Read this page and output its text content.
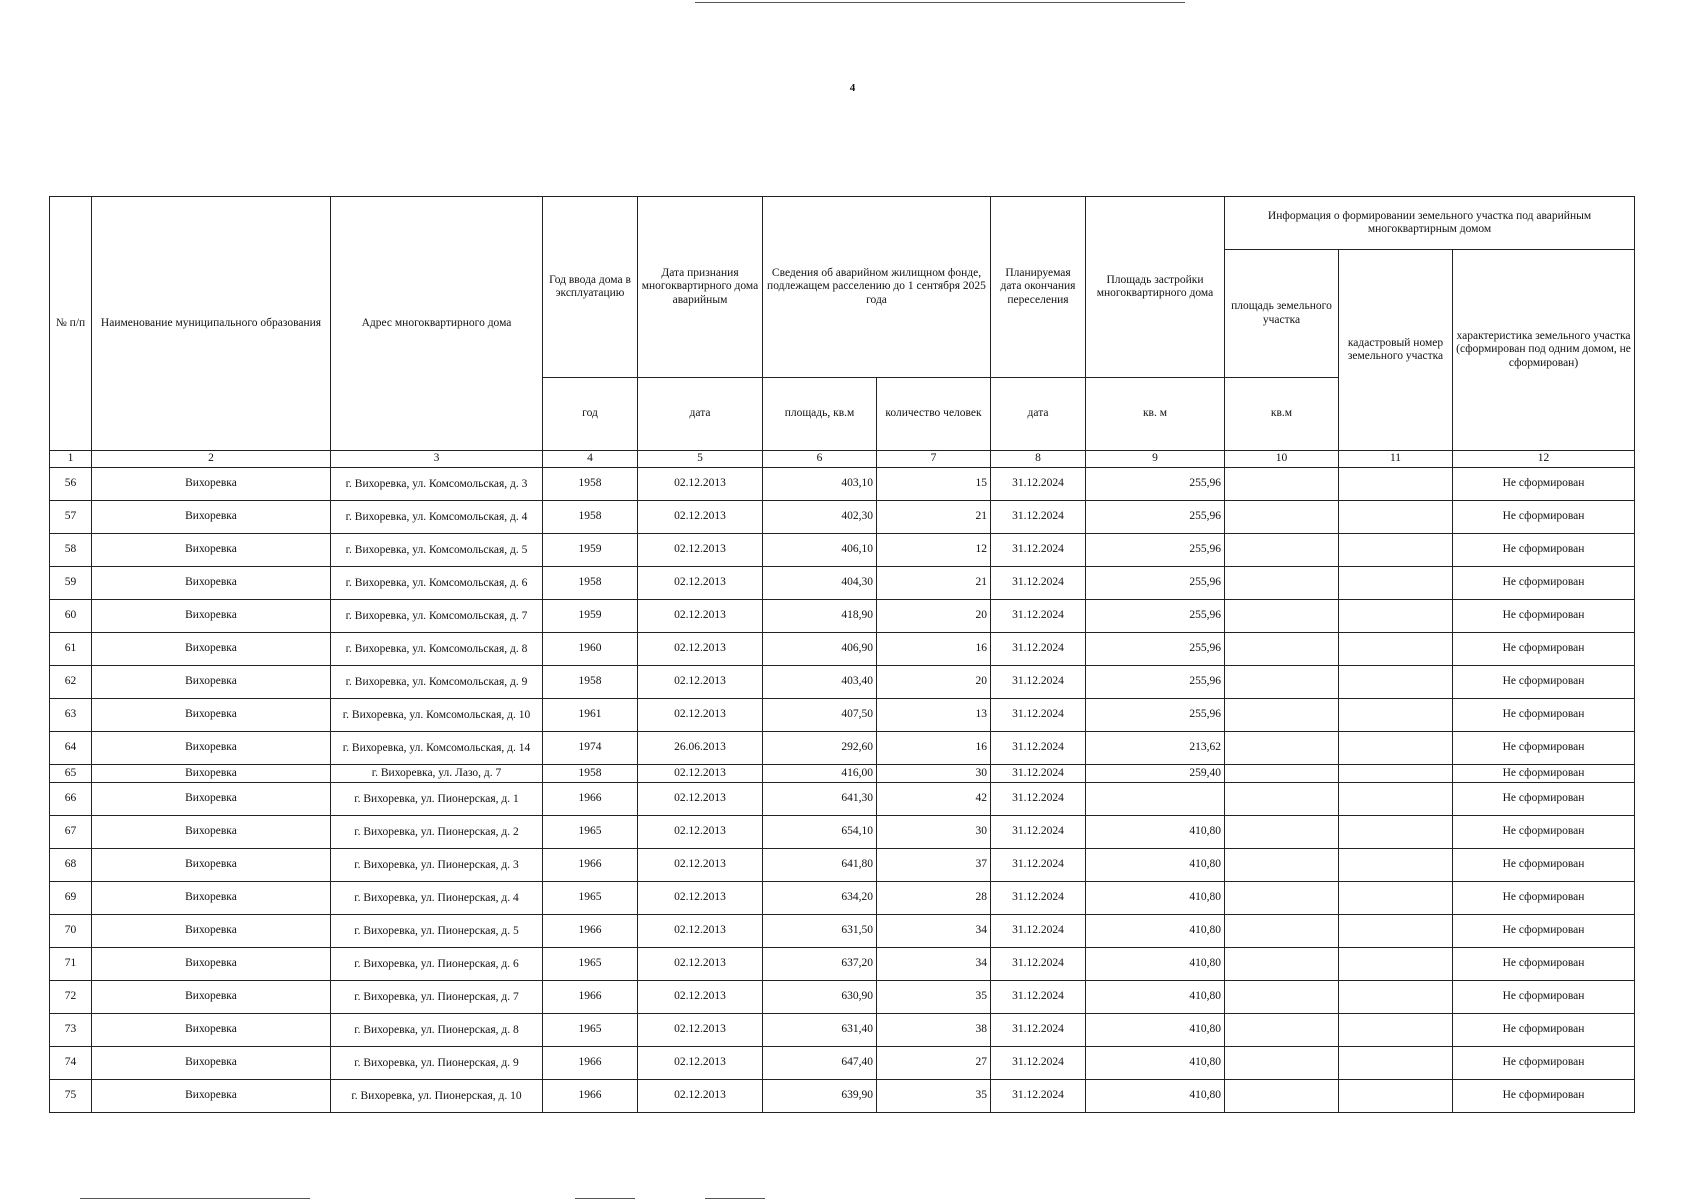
4
№ п/п	Наименование муниципального образования	Адрес многоквартирного дома	Год ввода дома в эксплуатацию	Дата признания многоквартирного дома аварийным	Сведения об аварийном жилищном фонде, подлежащем расселению до 1 сентября 2025 года		Планируемая дата окончания переселения	Площадь застройки многоквартирного дома	Информация о формировании земельного участка под аварийным многоквартирным домом		
									площадь земельного участка	кадастровый номер земельного участка	характеристика земельного участка (сформирован под одним домом, не сформирован)
			год	дата	площадь, кв.м	количество человек	дата	кв. м	кв.м		
1	2	3	4	5	6	7	8	9	10	11	12
56	Вихоревка	г. Вихоревка, ул. Комсомольская, д. 3	1958	02.12.2013	403,10	15	31.12.2024	255,96			Не сформирован
57	Вихоревка	г. Вихоревка, ул. Комсомольская, д. 4	1958	02.12.2013	402,30	21	31.12.2024	255,96			Не сформирован
58	Вихоревка	г. Вихоревка, ул. Комсомольская, д. 5	1959	02.12.2013	406,10	12	31.12.2024	255,96			Не сформирован
59	Вихоревка	г. Вихоревка, ул. Комсомольская, д. 6	1958	02.12.2013	404,30	21	31.12.2024	255,96			Не сформирован
60	Вихоревка	г. Вихоревка, ул. Комсомольская, д. 7	1959	02.12.2013	418,90	20	31.12.2024	255,96			Не сформирован
61	Вихоревка	г. Вихоревка, ул. Комсомольская, д. 8	1960	02.12.2013	406,90	16	31.12.2024	255,96			Не сформирован
62	Вихоревка	г. Вихоревка, ул. Комсомольская, д. 9	1958	02.12.2013	403,40	20	31.12.2024	255,96			Не сформирован
63	Вихоревка	г. Вихоревка, ул. Комсомольская, д. 10	1961	02.12.2013	407,50	13	31.12.2024	255,96			Не сформирован
64	Вихоревка	г. Вихоревка, ул. Комсомольская, д. 14	1974	26.06.2013	292,60	16	31.12.2024	213,62			Не сформирован
65	Вихоревка	г. Вихоревка, ул. Лазо, д. 7	1958	02.12.2013	416,00	30	31.12.2024	259,40			Не сформирован
66	Вихоревка	г. Вихоревка, ул. Пионерская, д. 1	1966	02.12.2013	641,30	42	31.12.2024				Не сформирован
67	Вихоревка	г. Вихоревка, ул. Пионерская, д. 2	1965	02.12.2013	654,10	30	31.12.2024	410,80			Не сформирован
68	Вихоревка	г. Вихоревка, ул. Пионерская, д. 3	1966	02.12.2013	641,80	37	31.12.2024	410,80			Не сформирован
69	Вихоревка	г. Вихоревка, ул. Пионерская, д. 4	1965	02.12.2013	634,20	28	31.12.2024	410,80			Не сформирован
70	Вихоревка	г. Вихоревка, ул. Пионерская, д. 5	1966	02.12.2013	631,50	34	31.12.2024	410,80			Не сформирован
71	Вихоревка	г. Вихоревка, ул. Пионерская, д. 6	1965	02.12.2013	637,20	34	31.12.2024	410,80			Не сформирован
72	Вихоревка	г. Вихоревка, ул. Пионерская, д. 7	1966	02.12.2013	630,90	35	31.12.2024	410,80			Не сформирован
73	Вихоревка	г. Вихоревка, ул. Пионерская, д. 8	1965	02.12.2013	631,40	38	31.12.2024	410,80			Не сформирован
74	Вихоревка	г. Вихоревка, ул. Пионерская, д. 9	1966	02.12.2013	647,40	27	31.12.2024	410,80			Не сформирован
75	Вихоревка	г. Вихоревка, ул. Пионерская, д. 10	1966	02.12.2013	639,90	35	31.12.2024	410,80			Не сформирован
